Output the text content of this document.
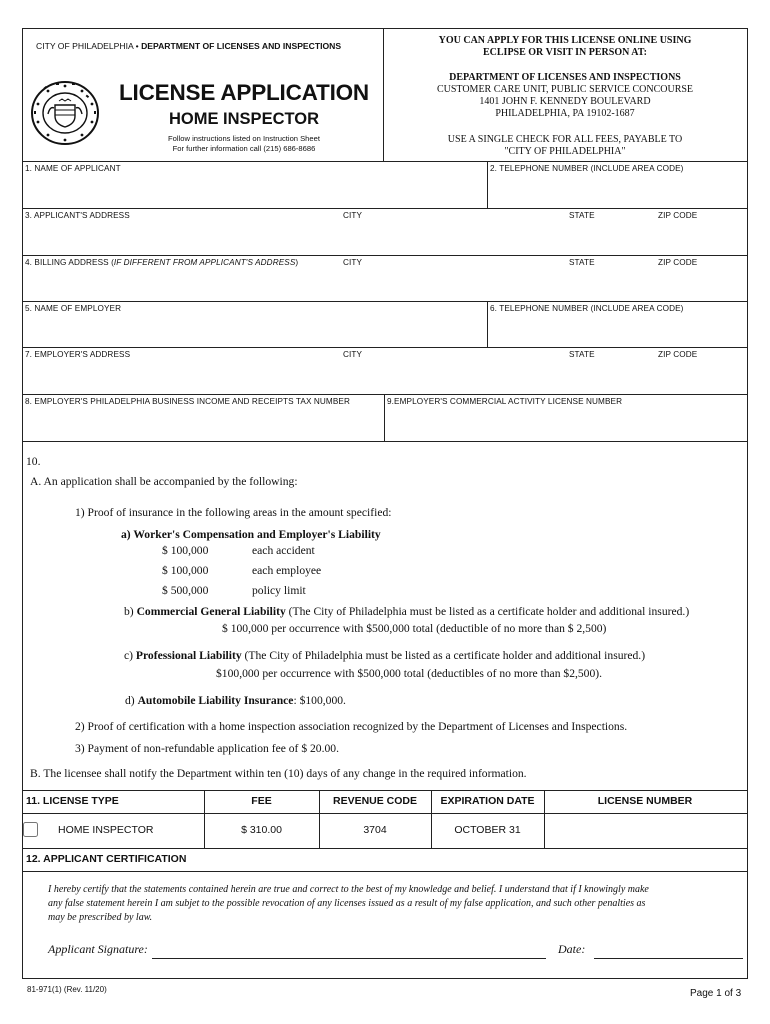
CITY OF PHILADELPHIA • DEPARTMENT OF LICENSES AND INSPECTIONS
LICENSE APPLICATION
HOME INSPECTOR
Follow instructions listed on Instruction Sheet
For further information call (215) 686-8686
YOU CAN APPLY FOR THIS LICENSE ONLINE USING
ECLIPSE OR VISIT IN PERSON AT:
DEPARTMENT OF LICENSES AND INSPECTIONS
CUSTOMER CARE UNIT, PUBLIC SERVICE CONCOURSE
1401 JOHN F. KENNEDY BOULEVARD
PHILADELPHIA, PA 19102-1687
USE A SINGLE CHECK FOR ALL FEES, PAYABLE TO
"CITY OF PHILADELPHIA"
1. NAME OF APPLICANT	2. TELEPHONE NUMBER (INCLUDE AREA CODE)
3. APPLICANT'S ADDRESS	CITY	STATE	ZIP CODE
4. BILLING ADDRESS (IF DIFFERENT FROM APPLICANT'S ADDRESS)	CITY	STATE	ZIP CODE
5. NAME OF EMPLOYER	6. TELEPHONE NUMBER (INCLUDE AREA CODE)
7. EMPLOYER'S ADDRESS	CITY	STATE	ZIP CODE
8. EMPLOYER'S PHILADELPHIA BUSINESS INCOME AND RECEIPTS TAX NUMBER	9.EMPLOYER'S COMMERCIAL ACTIVITY LICENSE NUMBER
10.
A. An application shall be accompanied by the following:
1) Proof of insurance in the following areas in the amount specified:
a) Worker's Compensation and Employer's Liability
$ 100,000	each accident
$ 100,000	each employee
$ 500,000	policy limit
b) Commercial General Liability (The City of Philadelphia must be listed as a certificate holder and additional insured.)
$ 100,000 per occurrence with $500,000 total (deductible of no more than $ 2,500)
c) Professional Liability (The City of Philadelphia must be listed as a certificate holder and additional insured.)
$100,000 per occurrence with $500,000 total (deductibles of no more than $2,500).
d) Automobile Liability Insurance: $100,000.
2) Proof of certification with a home inspection association recognized by the Department of Licenses and Inspections.
3) Payment of non-refundable application fee of $ 20.00.
B. The licensee shall notify the Department within ten (10) days of any change in the required information.
11. LICENSE TYPE	FEE	REVENUE CODE	EXPIRATION DATE	LICENSE NUMBER
HOME INSPECTOR	$ 310.00	3704	OCTOBER 31
12. APPLICANT CERTIFICATION
I hereby certify that the statements contained herein are true and correct to the best of my knowledge and belief. I understand that if I knowingly make
any false statement herein I am subjet to the possible revocation of any licenses issued as a result of my false application, and such other penalties as
may be prescribed by law.
Applicant Signature:	Date:
81-971(1) (Rev. 11/20)	Page 1 of 3
